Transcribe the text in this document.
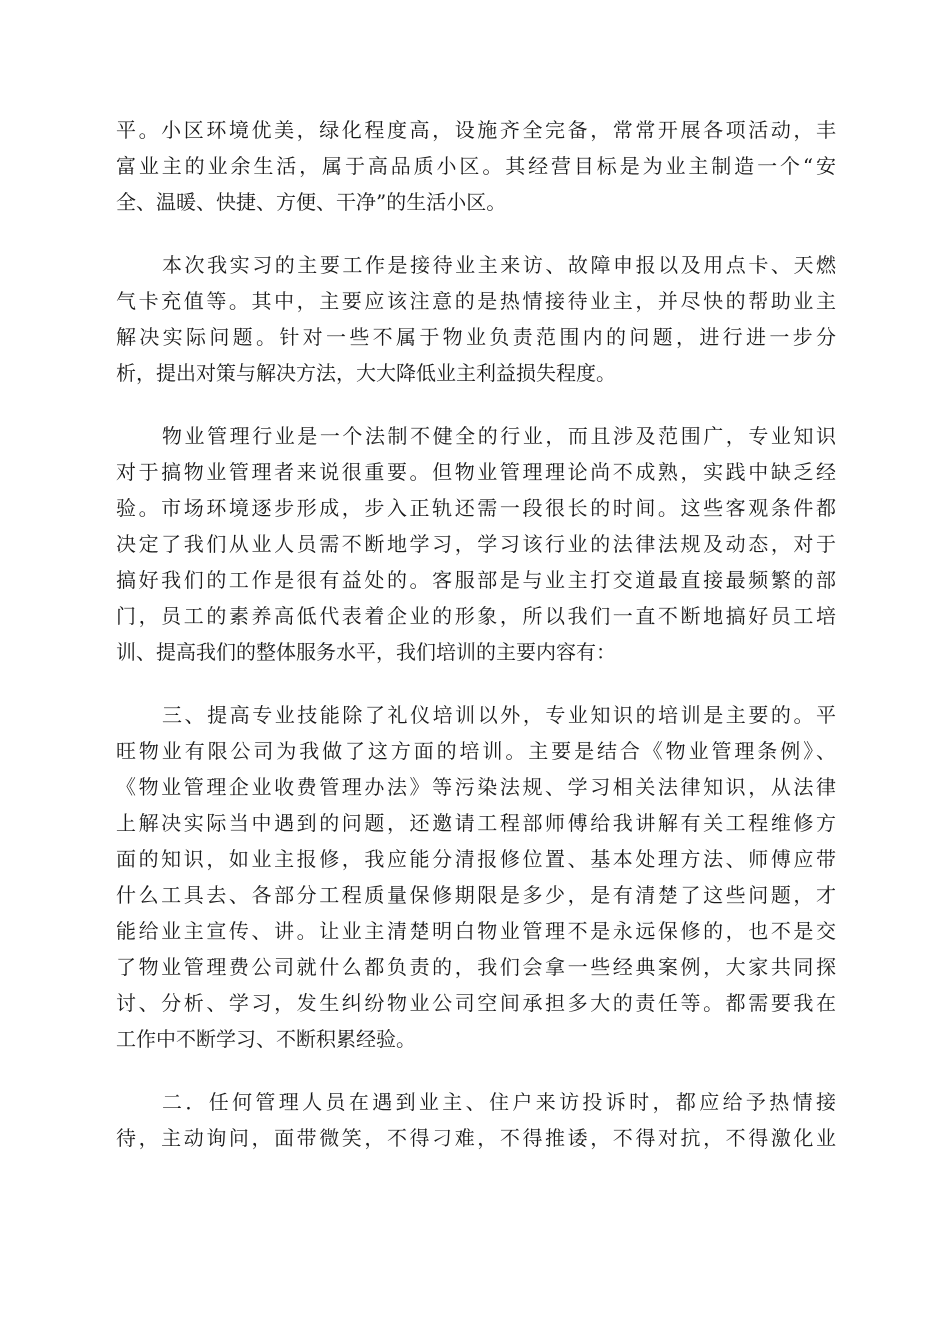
平。小区环境优美，绿化程度高，设施齐全完备，常常开展各项活动，丰
富业主的业余生活，属于高品质小区。其经营目标是为业主制造一个“安
全、温暖、快捷、方便、干净”的生活小区。

本次我实习的主要工作是接待业主来访、故障申报以及用点卡、天燃
气卡充值等。其中，主要应该注意的是热情接待业主，并尽快的帮助业主
解决实际问题。针对一些不属于物业负责范围内的问题，进行进一步分
析，提出对策与解决方法，大大降低业主利益损失程度。

物业管理行业是一个法制不健全的行业，而且涉及范围广，专业知识
对于搞物业管理者来说很重要。但物业管理理论尚不成熟，实践中缺乏经
验。市场环境逐步形成，步入正轨还需一段很长的时间。这些客观条件都
决定了我们从业人员需不断地学习，学习该行业的法律法规及动态，对于
搞好我们的工作是很有益处的。客服部是与业主打交道最直接最频繁的部
门，员工的素养高低代表着企业的形象，所以我们一直不断地搞好员工培
训、提高我们的整体服务水平，我们培训的主要内容有：

三、提高专业技能除了礼仪培训以外，专业知识的培训是主要的。平
旺物业有限公司为我做了这方面的培训。主要是结合《物业管理条例》、
《物业管理企业收费管理办法》等污染法规、学习相关法律知识，从法律
上解决实际当中遇到的问题，还邀请工程部师傅给我讲解有关工程维修方
面的知识，如业主报修，我应能分清报修位置、基本处理方法、师傅应带
什么工具去、各部分工程质量保修期限是多少，是有清楚了这些问题，才
能给业主宣传、讲。让业主清楚明白物业管理不是永远保修的，也不是交
了物业管理费公司就什么都负责的，我们会拿一些经典案例，大家共同探
讨、分析、学习，发生纠纷物业公司空间承担多大的责任等。都需要我在
工作中不断学习、不断积累经验。

二．任何管理人员在遇到业主、住户来访投诉时，都应给予热情接
待，主动询问，面带微笑，不得刁难，不得推诿，不得对抗，不得激化业
